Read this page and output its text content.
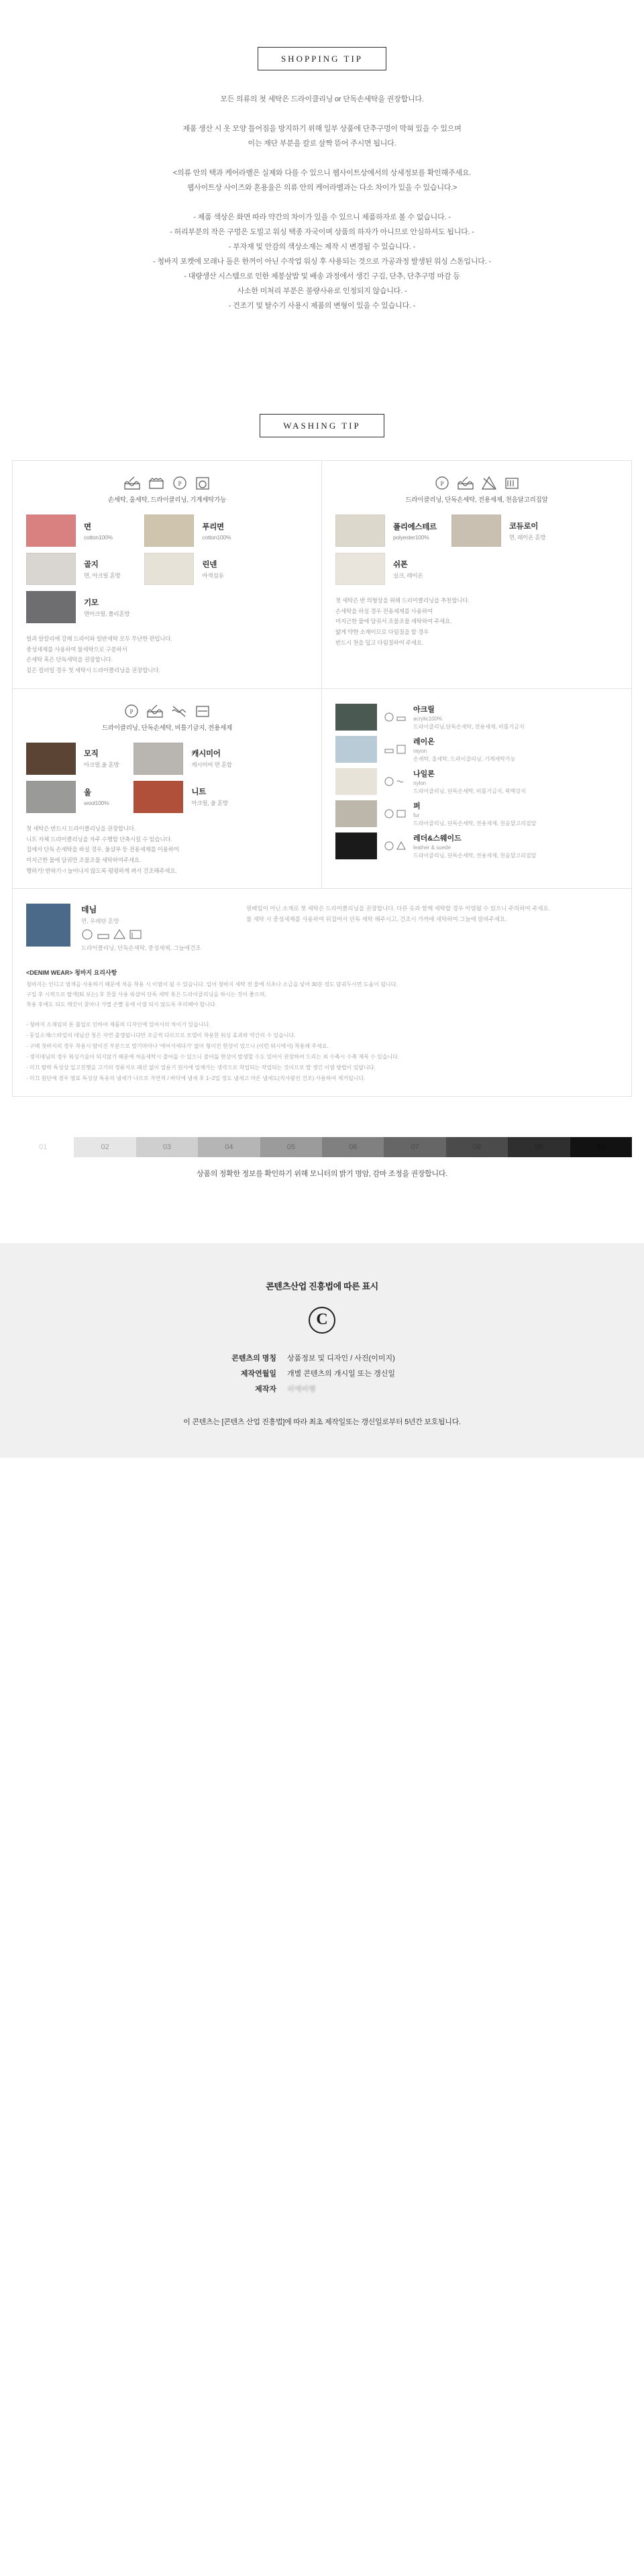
SHOPPING TIP
모든 의류의 첫 세탁은 드라이클리닝 or 단독손세탁을 권장합니다.
제품 생산 시 옷 모양 틀어짐을 방지하기 위해 일부 상품에 단추구멍이 막혀 있을 수 있으며
이는 재단 부분을 칼로 살짝 뜯어 주시면 됩니다.
<의류 안의 택과 케어라벨은 실제와 다를 수 있으니 웹사이트상에서의 상세정보를 확인해주세요.
웹사이트상 사이즈와 혼용율은 의류 안의 케어라벨과는 다소 차이가 있을 수 있습니다.>
- 제품 색상은 화면 따라 약간의 차이가 있을 수 있으니 제품하자로 볼 수 없습니다. -
- 허리부분의 작은 구멍은 도빌고 워싱 택종 자국이며 상품의 하자가 아니므로 안심하셔도 됩니다. -
- 부자재 및 안감의 색상소재는 제작 시 변경될 수 있습니다. -
- 청바지 포켓에 모래나 돌은 한꺼이 아닌 수작업 워싱 후 사용되는 것으로 가공과정 발생된 워싱 스톤입니다. -
- 대량생산 시스템으로 인한 제봉살밥 및 배송 과정에서 생긴 구김, 단추, 단추구멍 마감 등
사소한 미처리 부분은 불량사유로 인정되지 않습니다. -
- 건조기 및 탈수기 사용시 제품의 변형이 있을 수 있습니다. -
WASHING TIP
P
손세탁, 울세탁, 드라이클리닝, 기계세탁가능
면
cotton100%
골지
면, 아크릴 혼방
기모
면아크릴, 폴리혼방
푸리면
cotton100%
린넨
마색섬유
얼과 알칼리에 강해 드라이와 일반세탁 모두 무난한 편입니다.
중성세제를 사용하여 물세탁으로 구분하서
손세탁 혹은 단독세탁을 권장합니다.
짙은 컬러일 경우 첫 세탁시 드라이클리닝을 권장합니다.
P
드라이클리닝, 단독손세탁, 전용세제, 천음달고리집알
폴리에스테르
polyester100%
쉬폰
실크, 레이온
코듀로이
면, 레이온 혼방
첫 세탁은 반 의형상을 위해 드라이클리닝을 추천합니다.
손세탁을 하실 경우 전용세제를 사용하여
미지근한 물에 담궈서 조물조물 세탁하여 주세요.
얇게 약한 소재이므로 다림질을 할 경우
반드시 천을 덮고 다림질하여 주세요.
P
드라이클리닝, 단독손세탁, 비틀기금지, 전용세제
모직
아크릴,울 혼방
울
wool100%
캐시미어
캐시미어 면 혼합
니트
아크릴, 울 혼방
첫 세탁은 반드시 드라이클리닝을 권장합니다.
니트 자체 드라이클리닝을 자주 수행할 단축시킬 수 있습니다.
집에서 단독 손세탁을 하실 경우, 울샴푸 등 전용세제를 이용하여
미지근한 물에 담궈만 조물조물 세탁하여주세요.
행하기! 반하기~! 늘어나지 않도록 평평하게 펴서 건조해주세요.
아크릴
acrylic100%
드라이클리닝,단독손세탁, 전용세제, 비틀기금지
레이온
rayon
손세탁, 울세탁, 드라이클리닝, 기계세탁가능
나일론
nylon
드라이클리닝, 단독손세탁, 비틀기금지, 왁백강지
퍼
fur
드라이클리닝, 단독손세탁, 전용세제, 천음달고리집알
레더&스웨이드
leather & suede
드라이클리닝, 단독손세탁, 전용세제, 천음달고리집알
데님
면, 우레탄 혼방
드라이클리닝, 단독손세탁, 중성세제, 그늘에건조
원베임이 아닌 소재로 첫 세탁은 드라이클리닝을 권장합니다. 다른 옷과 함께 세탁할 경우 이염될 수 있으니 주의하여 주세요.
물 세탁 시 중성세제를 사용하여 뒤집어서 단독 세탁 해주시고, 건조시 가까에 세탁하여 그늘에 말려주세요.
<DENIM WEAR> 청바지 요리사항
청바지는 인디고 염색을 사용하기 때문에 처음 착용 시 이염이 될 수 있습니다. 입어 청바지 세탁 전 물에 식초나 소금을 넣어 30분 정도 담궈두시면 도움이 됩니다.
구입 후 시작으로 탈색(퇴 보는) 후 찬물 사용 워샴여 단독 세탁 혹은 드라이클리닝을 하시는 것이 좋으며,
착용 후에도 되도 깨끗이 찾아나 가볍 손빨 동에 이염 되지 않도록 주의해야 합니다.
- 청바지 소재임의 톤 불일로 인하여 제품의 디자인에 있어서의 차이가 있습니다.
- 동일소재/스타일의 데님산 청은 자연 출생됩니다만 조금씩 다르므로 모델이 착용한 워싱 효과와 약간의 수 있습니다.
- 구매 첫바지의 경우 착용시 땀이진 부분으로 발기마마나 '에어서세다가' 없어 형이진 현상이 있으니 (이런 워시에서) 착용해 주세요.
- 생지데님의 경우 워싱기술이 되지않기 때문에 처음세탁시 줄어듦 수 있으니 줄어듦 현상이 발생할 수도 있어서 권장하여 드리는 최 수축시 수축 제폭 수 있습니다.
- 미끄 탈락 특성상 입고진행을 고기의 정류지로 패션 없이 업용기 원사에 업체가는 생각으로 착업되는 작업되는 것이므로 발 생긴 이염 방법이 있답니다.
- 미끄 원단에 경우 염료 특성상 특유의 냄새가 나므로 자연적 / 바닥에 냄새 후 1~2일 정도 냄새고 마른 냄새도(직사광선 건조) 사용하여 제거됩니다.
01	02	03	04	05	06	07	08	09	10
상품의 정확한 정보를 확인하기 위해 모니터의 밝기 명암, 감마 조정을 권장합니다.
콘텐츠산업 진흥법에 따른 표시
C
콘텐츠의 명칭 상품정보 및 디자인 / 사진(이미지)
제작연월일 개별 콘텐츠의 개시일 또는 갱신일
제작자 피에비행
이 콘텐츠는 [콘텐츠 산업 진흥법]에 따라 최초 제작일또는 갱신일로부터 5년간 보호됩니다.
